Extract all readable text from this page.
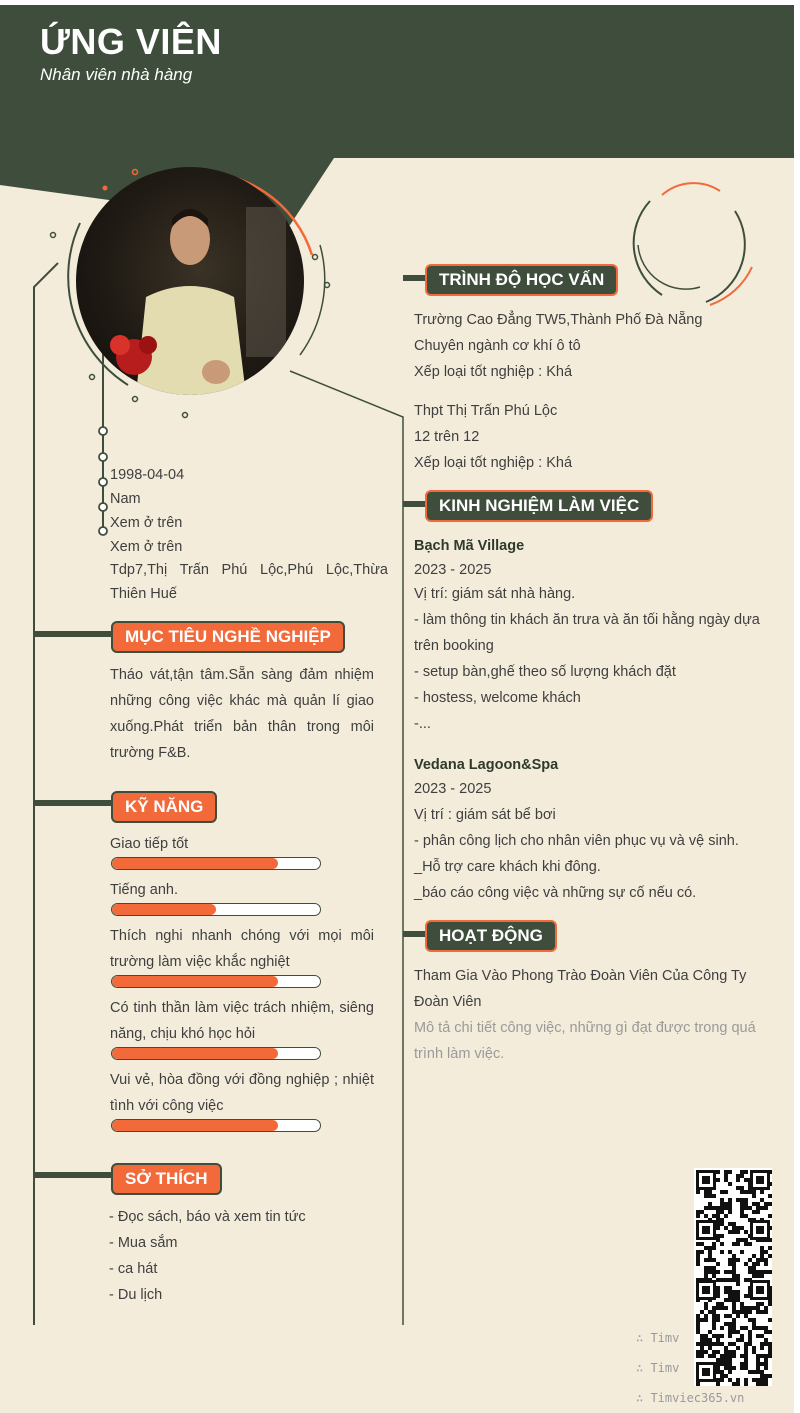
ỨNG VIÊN
Nhân viên nhà hàng
1998-04-04
Nam
Xem ở trên
Xem ở trên
Tdp7,Thị Trấn Phú Lộc,Phú Lộc,Thừa Thiên Huế
MỤC TIÊU NGHỀ NGHIỆP
Tháo vát,tận tâm.Sẵn sàng đảm nhiệm những công việc khác mà quản lí giao xuống.Phát triển bản thân trong môi trường F&B.
KỸ NĂNG
Giao tiếp tốt
Tiếng anh.
Thích nghi nhanh chóng với mọi môi trường làm việc khắc nghiệt
Có tinh thần làm việc trách nhiệm, siêng năng, chịu khó học hỏi
Vui vẻ, hòa đồng với đồng nghiệp ; nhiệt tình với công việc
SỞ THÍCH
- Đọc sách, báo và xem tin tức
- Mua sắm
- ca hát
- Du lịch
TRÌNH ĐỘ HỌC VẤN
Trường Cao Đẳng TW5,Thành Phố Đà Nẵng
Chuyên ngành cơ khí ô tô
Xếp loại tốt nghiệp : Khá
Thpt Thị Trấn Phú Lộc
12 trên 12
Xếp loại tốt nghiệp : Khá
KINH NGHIỆM LÀM VIỆC
Bạch Mã Village
2023 - 2025
Vị trí: giám sát nhà hàng.
- làm thông tin khách ăn trưa và ăn tối hằng ngày dựa trên booking
- setup bàn,ghế theo số lượng khách đặt
- hostess, welcome khách
-...
Vedana Lagoon&Spa
2023 - 2025
Vị trí : giám sát bể bơi
- phân công lịch cho nhân viên phục vụ và vệ sinh.
_Hỗ trợ care khách khi đông.
_báo cáo công việc và những sự cố nếu có.
HOẠT ĐỘNG
Tham Gia Vào Phong Trào Đoàn Viên Của Công Ty
Đoàn Viên
Mô tả chi tiết công việc, những gì đạt được trong quá trình làm việc.
∴ Timv
∴ Timv
∴ Timviec365.vn
